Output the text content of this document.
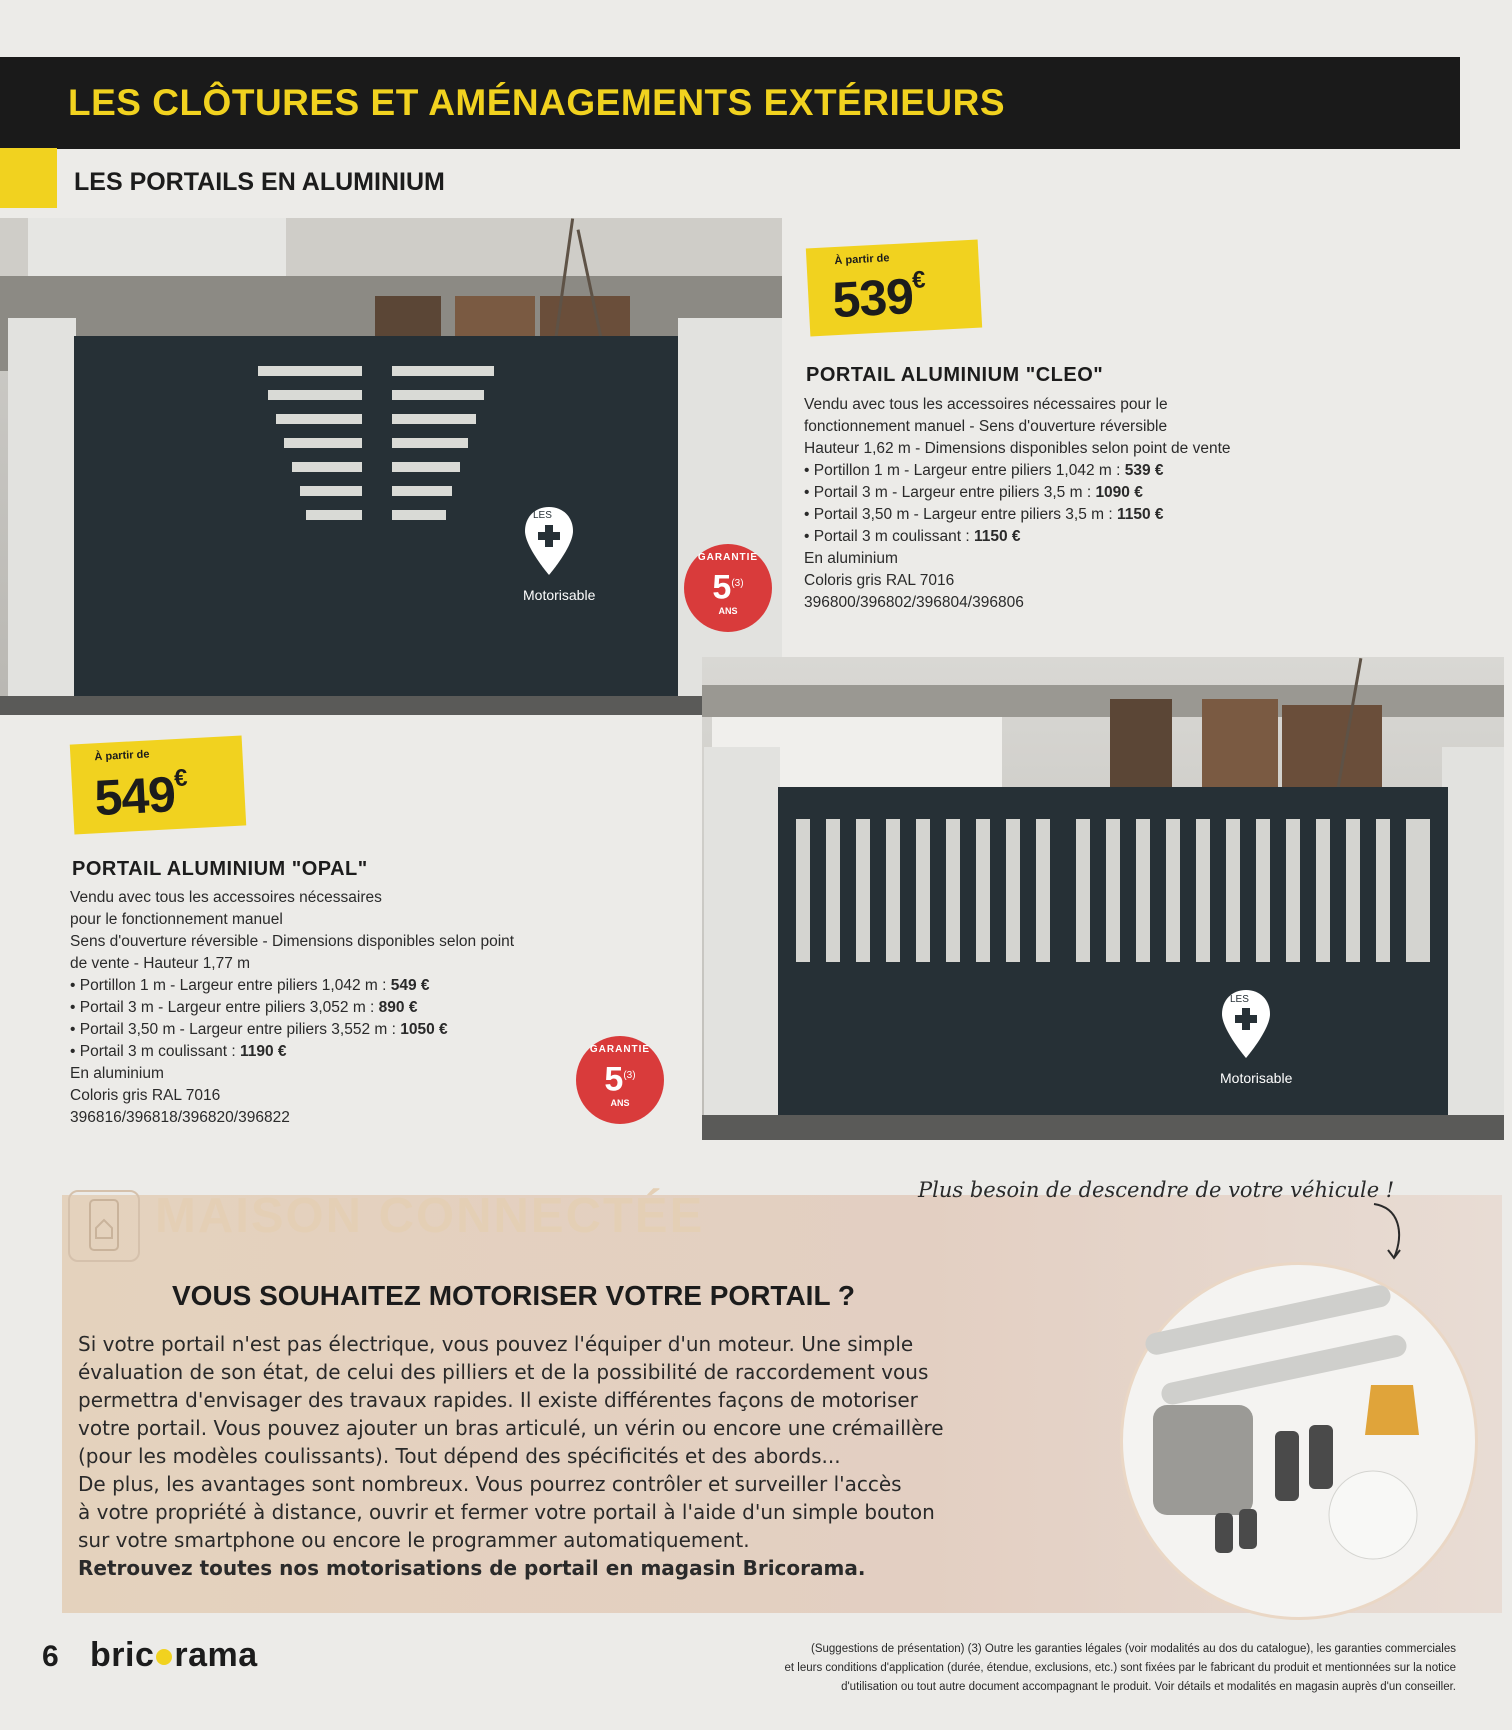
LES CLÔTURES ET AMÉNAGEMENTS EXTÉRIEURS
LES PORTAILS EN ALUMINIUM
LES
Motorisable
GARANTIE
5$^{(3)}$
ANS
À partir de
539€
PORTAIL ALUMINIUM "CLEO"
Vendu avec tous les accessoires nécessaires pour le
fonctionnement manuel - Sens d'ouverture réversible
Hauteur 1,62 m - Dimensions disponibles selon point de vente
• Portillon 1 m - Largeur entre piliers 1,042 m : 539 €
• Portail 3 m - Largeur entre piliers 3,5 m : 1090 €
• Portail 3,50 m - Largeur entre piliers 3,5 m : 1150 €
• Portail 3 m coulissant : 1150 €
En aluminium
Coloris gris RAL 7016
396800/396802/396804/396806
LES
Motorisable
GARANTIE
5$^{(3)}$
ANS
À partir de
549€
PORTAIL ALUMINIUM "OPAL"
Vendu avec tous les accessoires nécessaires
pour le fonctionnement manuel
Sens d'ouverture réversible - Dimensions disponibles selon point
de vente - Hauteur 1,77 m
• Portillon 1 m - Largeur entre piliers 1,042 m : 549 €
• Portail 3 m - Largeur entre piliers 3,052 m : 890 €
• Portail 3,50 m - Largeur entre piliers 3,552 m : 1050 €
• Portail 3 m coulissant : 1190 €
En aluminium
Coloris gris RAL 7016
396816/396818/396820/396822
MAISON CONNECTÉE	Plus besoin de descendre de votre véhicule !
VOUS SOUHAITEZ MOTORISER VOTRE PORTAIL ?
Si votre portail n'est pas électrique, vous pouvez l'équiper d'un moteur. Une simple
évaluation de son état, de celui des pilliers et de la possibilité de raccordement vous
permettra d'envisager des travaux rapides. Il existe différentes façons de motoriser
votre portail. Vous pouvez ajouter un bras articulé, un vérin ou encore une crémaillère
(pour les modèles coulissants). Tout dépend des spécificités et des abords...
De plus, les avantages sont nombreux. Vous pourrez contrôler et surveiller l'accès
à votre propriété à distance, ouvrir et fermer votre portail à l'aide d'un simple bouton
sur votre smartphone ou encore le programmer automatiquement.
Retrouvez toutes nos motorisations de portail en magasin Bricorama.
6 bric rama	(Suggestions de présentation) (3) Outre les garanties légales (voir modalités au dos du catalogue), les garanties commerciales
et leurs conditions d'application (durée, étendue, exclusions, etc.) sont fixées par le fabricant du produit et mentionnées sur la notice
d'utilisation ou tout autre document accompagnant le produit. Voir détails et modalités en magasin auprès d'un conseiller.
